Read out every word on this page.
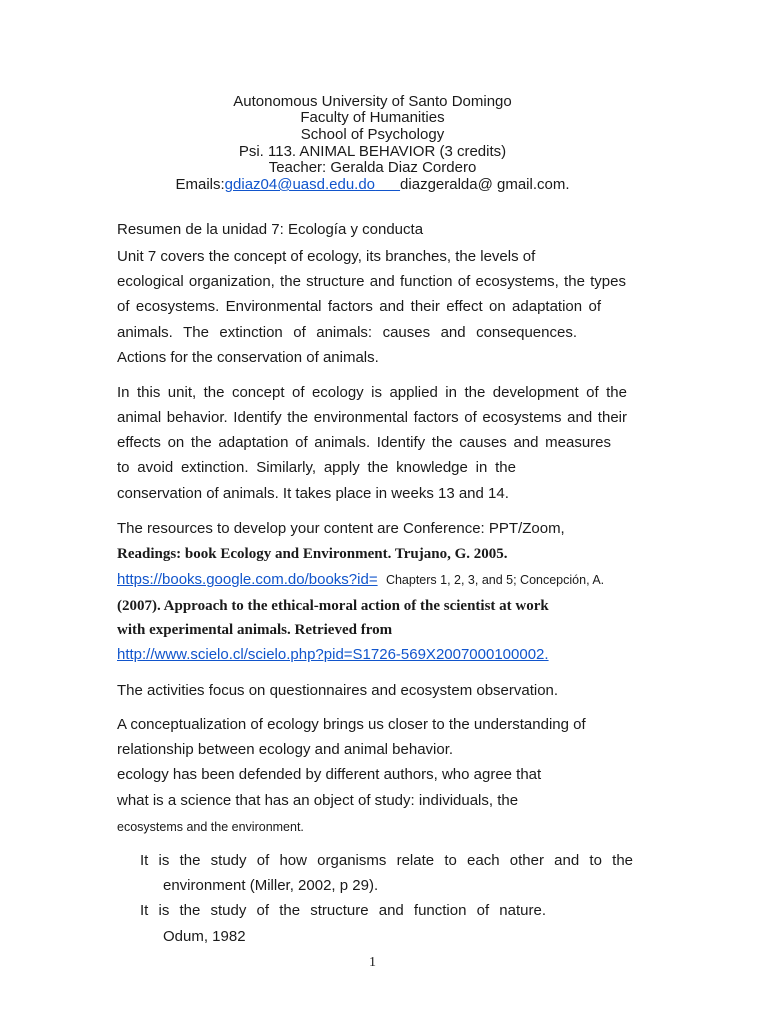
Autonomous University of Santo Domingo
Faculty of Humanities
School of Psychology
Psi. 113. ANIMAL BEHAVIOR (3 credits)
Teacher: Geralda Diaz Cordero
Emails:gdiaz04@uasd.edu.do diazgeralda@ gmail.com.
Resumen de la unidad 7: Ecología y conducta
Unit 7 covers the concept of ecology, its branches, the levels of
ecological organization, the structure and function of ecosystems, the types
of ecosystems. Environmental factors and their effect on adaptation of
animals. The extinction of animals: causes and consequences.
Actions for the conservation of animals.
In this unit, the concept of ecology is applied in the development of the
animal behavior. Identify the environmental factors of ecosystems and their
effects on the adaptation of animals. Identify the causes and measures
to avoid extinction. Similarly, apply the knowledge in the
conservation of animals. It takes place in weeks 13 and 14.
The resources to develop your content are Conference: PPT/Zoom,
Readings: book Ecology and Environment. Trujano, G. 2005.
https://books.google.com.do/books?id= Chapters 1, 2, 3, and 5; Concepción, A.
(2007). Approach to the ethical-moral action of the scientist at work
with experimental animals. Retrieved from
http://www.scielo.cl/scielo.php?pid=S1726-569X2007000100002.
The activities focus on questionnaires and ecosystem observation.
A conceptualization of ecology brings us closer to the understanding of
relationship between ecology and animal behavior.
ecology has been defended by different authors, who agree that
what is a science that has an object of study: individuals, the
ecosystems and the environment.
It is the study of how organisms relate to each other and to the
environment (Miller, 2002, p 29).
It is the study of the structure and function of nature.
Odum, 1982
1
